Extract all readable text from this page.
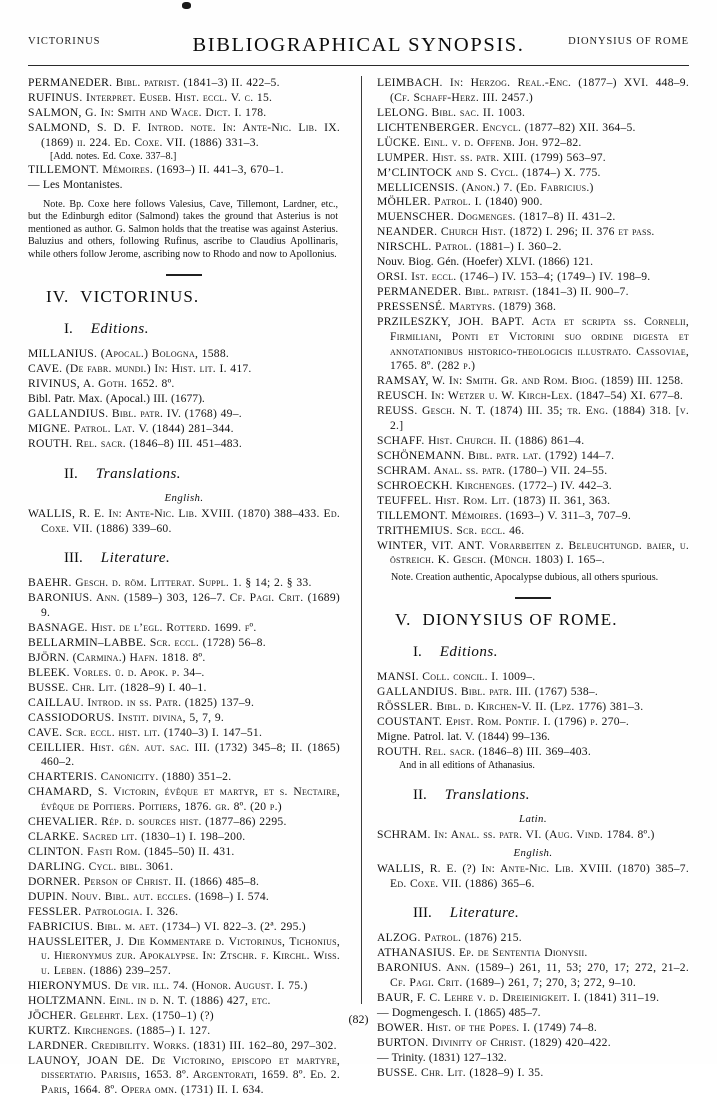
VICTORINUS	BIBLIOGRAPHICAL SYNOPSIS.	DIONYSIUS OF ROME
PERMANEDER. Bibl. patrist. (1841–3) II. 422–5.
RUFINUS. Interpret. Euseb. Hist. eccl. V. c. 15.
SALMON, G. In: Smith and Wace. Dict. I. 178.
SALMOND, S. D. F. Introd. note. In: Ante-Nic. Lib. IX. (1869) ii. 224. Ed. Coxe. VII. (1886) 331–3.
[Add. notes. Ed. Coxe. 337–8.]
TILLEMONT. Mémoires. (1693–) II. 441–3, 670–1.
— Les Montanistes.
Note. Bp. Coxe here follows Valesius, Cave, Tillemont, Lardner, etc., but the Edinburgh editor (Salmond) takes the ground that Asterius is not mentioned as author. G. Salmon holds that the treatise was against Asterius. Baluzius and others, following Rufinus, ascribe to Claudius Apollinaris, while others follow Jerome, ascribing now to Rhodo and now to Apollonius.
IV. VICTORINUS.
I. Editions.
MILLANIUS. (Apocal.) Bologna, 1588.
CAVE. (De fabr. mundi.) In: Hist. lit. I. 417.
RIVINUS, A. Goth. 1652. 8º.
Bibl. Patr. Max. (Apocal.) III. (1677).
GALLANDIUS. Bibl. patr. IV. (1768) 49–.
MIGNE. Patrol. Lat. V. (1844) 281–344.
ROUTH. Rel. sacr. (1846–8) III. 451–483.
II. Translations.
English.
WALLIS, R. E. In: Ante-Nic. Lib. XVIII. (1870) 388–433. Ed. Coxe. VII. (1886) 339–60.
III. Literature.
BAEHR. Gesch. d. röm. Litterat. Suppl. 1. § 14; 2. § 33.
BARONIUS. Ann. (1589–) 303, 126–7. Cf. Pagi. Crit. (1689) 9.
BASNAGE. Hist. de l’egl. Rotterd. 1699. fº.
BELLARMIN–LABBE. Scr. eccl. (1728) 56–8.
BJÖRN. (Carmina.) Hafn. 1818. 8º.
BLEEK. Vorles. ü. d. Apok. p. 34–.
BUSSE. Chr. Lit. (1828–9) I. 40–1.
CAILLAU. Introd. in ss. Patr. (1825) 137–9.
CASSIODORUS. Instit. divina, 5, 7, 9.
CAVE. Scr. eccl. hist. lit. (1740–3) I. 147–51.
CEILLIER. Hist. gén. aut. sac. III. (1732) 345–8; II. (1865) 460–2.
CHARTERIS. Canonicity. (1880) 351–2.
CHAMARD, S. Victorin, évêque et martyr, et s. Nectaire, évêque de Poitiers. Poitiers, 1876. gr. 8º. (20 p.)
CHEVALIER. Rép. d. sources hist. (1877–86) 2295.
CLARKE. Sacred lit. (1830–1) I. 198–200.
CLINTON. Fasti Rom. (1845–50) II. 431.
DARLING. Cycl. bibl. 3061.
DORNER. Person of Christ. II. (1866) 485–8.
DUPIN. Nouv. Bibl. aut. eccles. (1698–) I. 574.
FESSLER. Patrologia. I. 326.
FABRICIUS. Bibl. m. aet. (1734–) VI. 822–3. (2ª. 295.)
HAUSSLEITER, J. Die Kommentare d. Victorinus, Tichonius, u. Hieronymus zur. Apokalypse. In: Ztschr. f. Kirchl. Wiss. u. Leben. (1886) 239–257.
HIERONYMUS. De vir. ill. 74. (Honor. August. I. 75.)
HOLTZMANN. Einl. in d. N. T. (1886) 427, etc.
JÖCHER. Gelehrt. Lex. (1750–1) (?)
KURTZ. Kirchenges. (1885–) I. 127.
LARDNER. Credibility. Works. (1831) III. 162–80, 297–302.
LAUNOY, JOAN DE. De Victorino, episcopo et martyre, dissertatio. Parisiis, 1653. 8º. Argentorati, 1659. 8º. Ed. 2. Paris, 1664. 8º. Opera omn. (1731) II. I. 634.
LEIMBACH. In: Herzog. Real.-Enc. (1877–) XVI. 448–9. (Cf. Schaff-Herz. III. 2457.)
LELONG. Bibl. sac. II. 1003.
LICHTENBERGER. Encycl. (1877–82) XII. 364–5.
LÜCKE. Einl. v. d. Offenb. Joh. 972–82.
LUMPER. Hist. ss. patr. XIII. (1799) 563–97.
M’CLINTOCK and S. Cycl. (1874–) X. 775.
MELLICENSIS. (Anon.) 7. (Ed. Fabricius.)
MÖHLER. Patrol. I. (1840) 900.
MUENSCHER. Dogmenges. (1817–8) II. 431–2.
NEANDER. Church Hist. (1872) I. 296; II. 376 et pass.
NIRSCHL. Patrol. (1881–) I. 360–2.
Nouv. Biog. Gén. (Hoefer) XLVI. (1866) 121.
ORSI. Ist. eccl. (1746–) IV. 153–4; (1749–) IV. 198–9.
PERMANEDER. Bibl. patrist. (1841–3) II. 900–7.
PRESSENSÉ. Martyrs. (1879) 368.
PRZILESZKY, JOH. BAPT. Acta et scripta ss. Cornelii, Firmiliani, Ponti et Victorini suo ordine digesta et annotationibus historico-theologicis illustrato. Cassoviae, 1765. 8º. (282 p.)
RAMSAY, W. In: Smith. Gr. and Rom. Biog. (1859) III. 1258.
REUSCH. In: Wetzer u. W. Kirch-Lex. (1847–54) XI. 677–8.
REUSS. Gesch. N. T. (1874) III. 35; tr. Eng. (1884) 318. [v. 2.]
SCHAFF. Hist. Church. II. (1886) 861–4.
SCHÖNEMANN. Bibl. patr. lat. (1792) 144–7.
SCHRAM. Anal. ss. patr. (1780–) VII. 24–55.
SCHROECKH. Kirchenges. (1772–) IV. 442–3.
TEUFFEL. Hist. Rom. Lit. (1873) II. 361, 363.
TILLEMONT. Mémoires. (1693–) V. 311–3, 707–9.
TRITHEMIUS. Scr. eccl. 46.
WINTER, VIT. ANT. Vorarbeiten z. Beleuchtungd. baier, u. östreich. K. Gesch. (Münch. 1803) I. 165–.
Note. Creation authentic, Apocalypse dubious, all others spurious.
V. DIONYSIUS OF ROME.
I. Editions.
MANSI. Coll. concil. I. 1009–.
GALLANDIUS. Bibl. patr. III. (1767) 538–.
RÖSSLER. Bibl. d. Kirchen-V. II. (Lpz. 1776) 381–3.
COUSTANT. Epist. Rom. Pontif. I. (1796) p. 270–.
Migne. Patrol. lat. V. (1844) 99–136.
ROUTH. Rel. sacr. (1846–8) III. 369–403.
And in all editions of Athanasius.
II. Translations.
Latin.
SCHRAM. In: Anal. ss. patr. VI. (Aug. Vind. 1784. 8º.)
English.
WALLIS, R. E. (?) In: Ante-Nic. Lib. XVIII. (1870) 385–7. Ed. Coxe. VII. (1886) 365–6.
III. Literature.
ALZOG. Patrol. (1876) 215.
ATHANASIUS. Ep. de Sententia Dionysii.
BARONIUS. Ann. (1589–) 261, 11, 53; 270, 17; 272, 21–2. Cf. Pagi. Crit. (1689–) 261, 7; 270, 3; 272, 9–10.
BAUR, F. C. Lehre v. d. Dreieinigkeit. I. (1841) 311–19.
— Dogmengesch. I. (1865) 485–7.
BOWER. Hist. of the Popes. I. (1749) 74–8.
BURTON. Divinity of Christ. (1829) 420–422.
— Trinity. (1831) 127–132.
BUSSE. Chr. Lit. (1828–9) I. 35.
(82)
